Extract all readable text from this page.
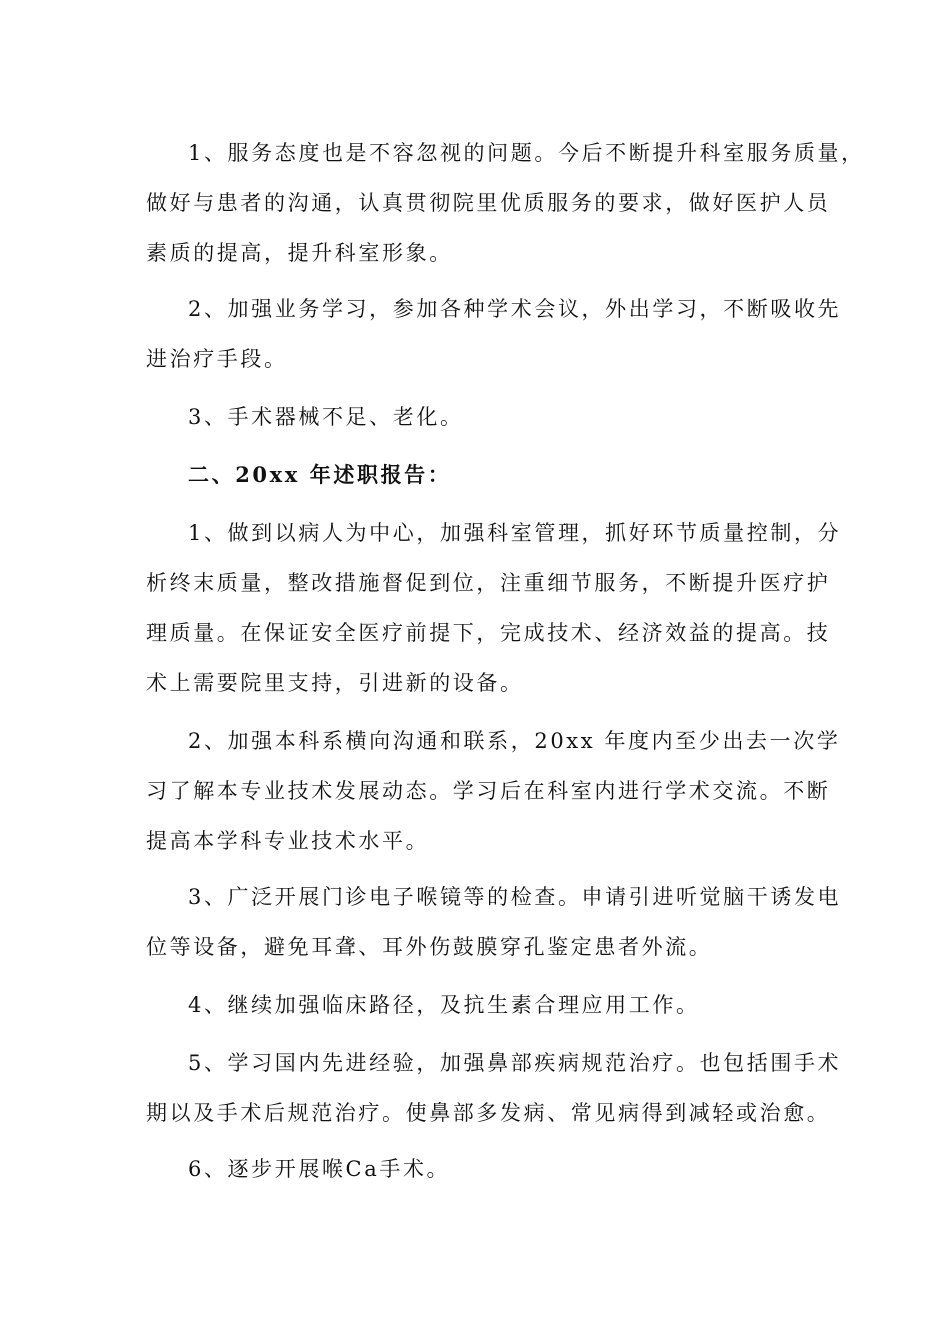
1、服务态度也是不容忽视的问题。今后不断提升科室服务质量，
做好与患者的沟通，认真贯彻院里优质服务的要求，做好医护人员
素质的提高，提升科室形象。
2、加强业务学习，参加各种学术会议，外出学习，不断吸收先
进治疗手段。
3、手术器械不足、老化。
二、20xx 年述职报告：
1、做到以病人为中心，加强科室管理，抓好环节质量控制，分
析终末质量，整改措施督促到位，注重细节服务，不断提升医疗护
理质量。在保证安全医疗前提下，完成技术、经济效益的提高。技
术上需要院里支持，引进新的设备。
2、加强本科系横向沟通和联系，20xx 年度内至少出去一次学
习了解本专业技术发展动态。学习后在科室内进行学术交流。不断
提高本学科专业技术水平。
3、广泛开展门诊电子喉镜等的检查。申请引进听觉脑干诱发电
位等设备，避免耳聋、耳外伤鼓膜穿孔鉴定患者外流。
4、继续加强临床路径，及抗生素合理应用工作。
5、学习国内先进经验，加强鼻部疾病规范治疗。也包括围手术
期以及手术后规范治疗。使鼻部多发病、常见病得到减轻或治愈。
6、逐步开展喉Ca手术。
